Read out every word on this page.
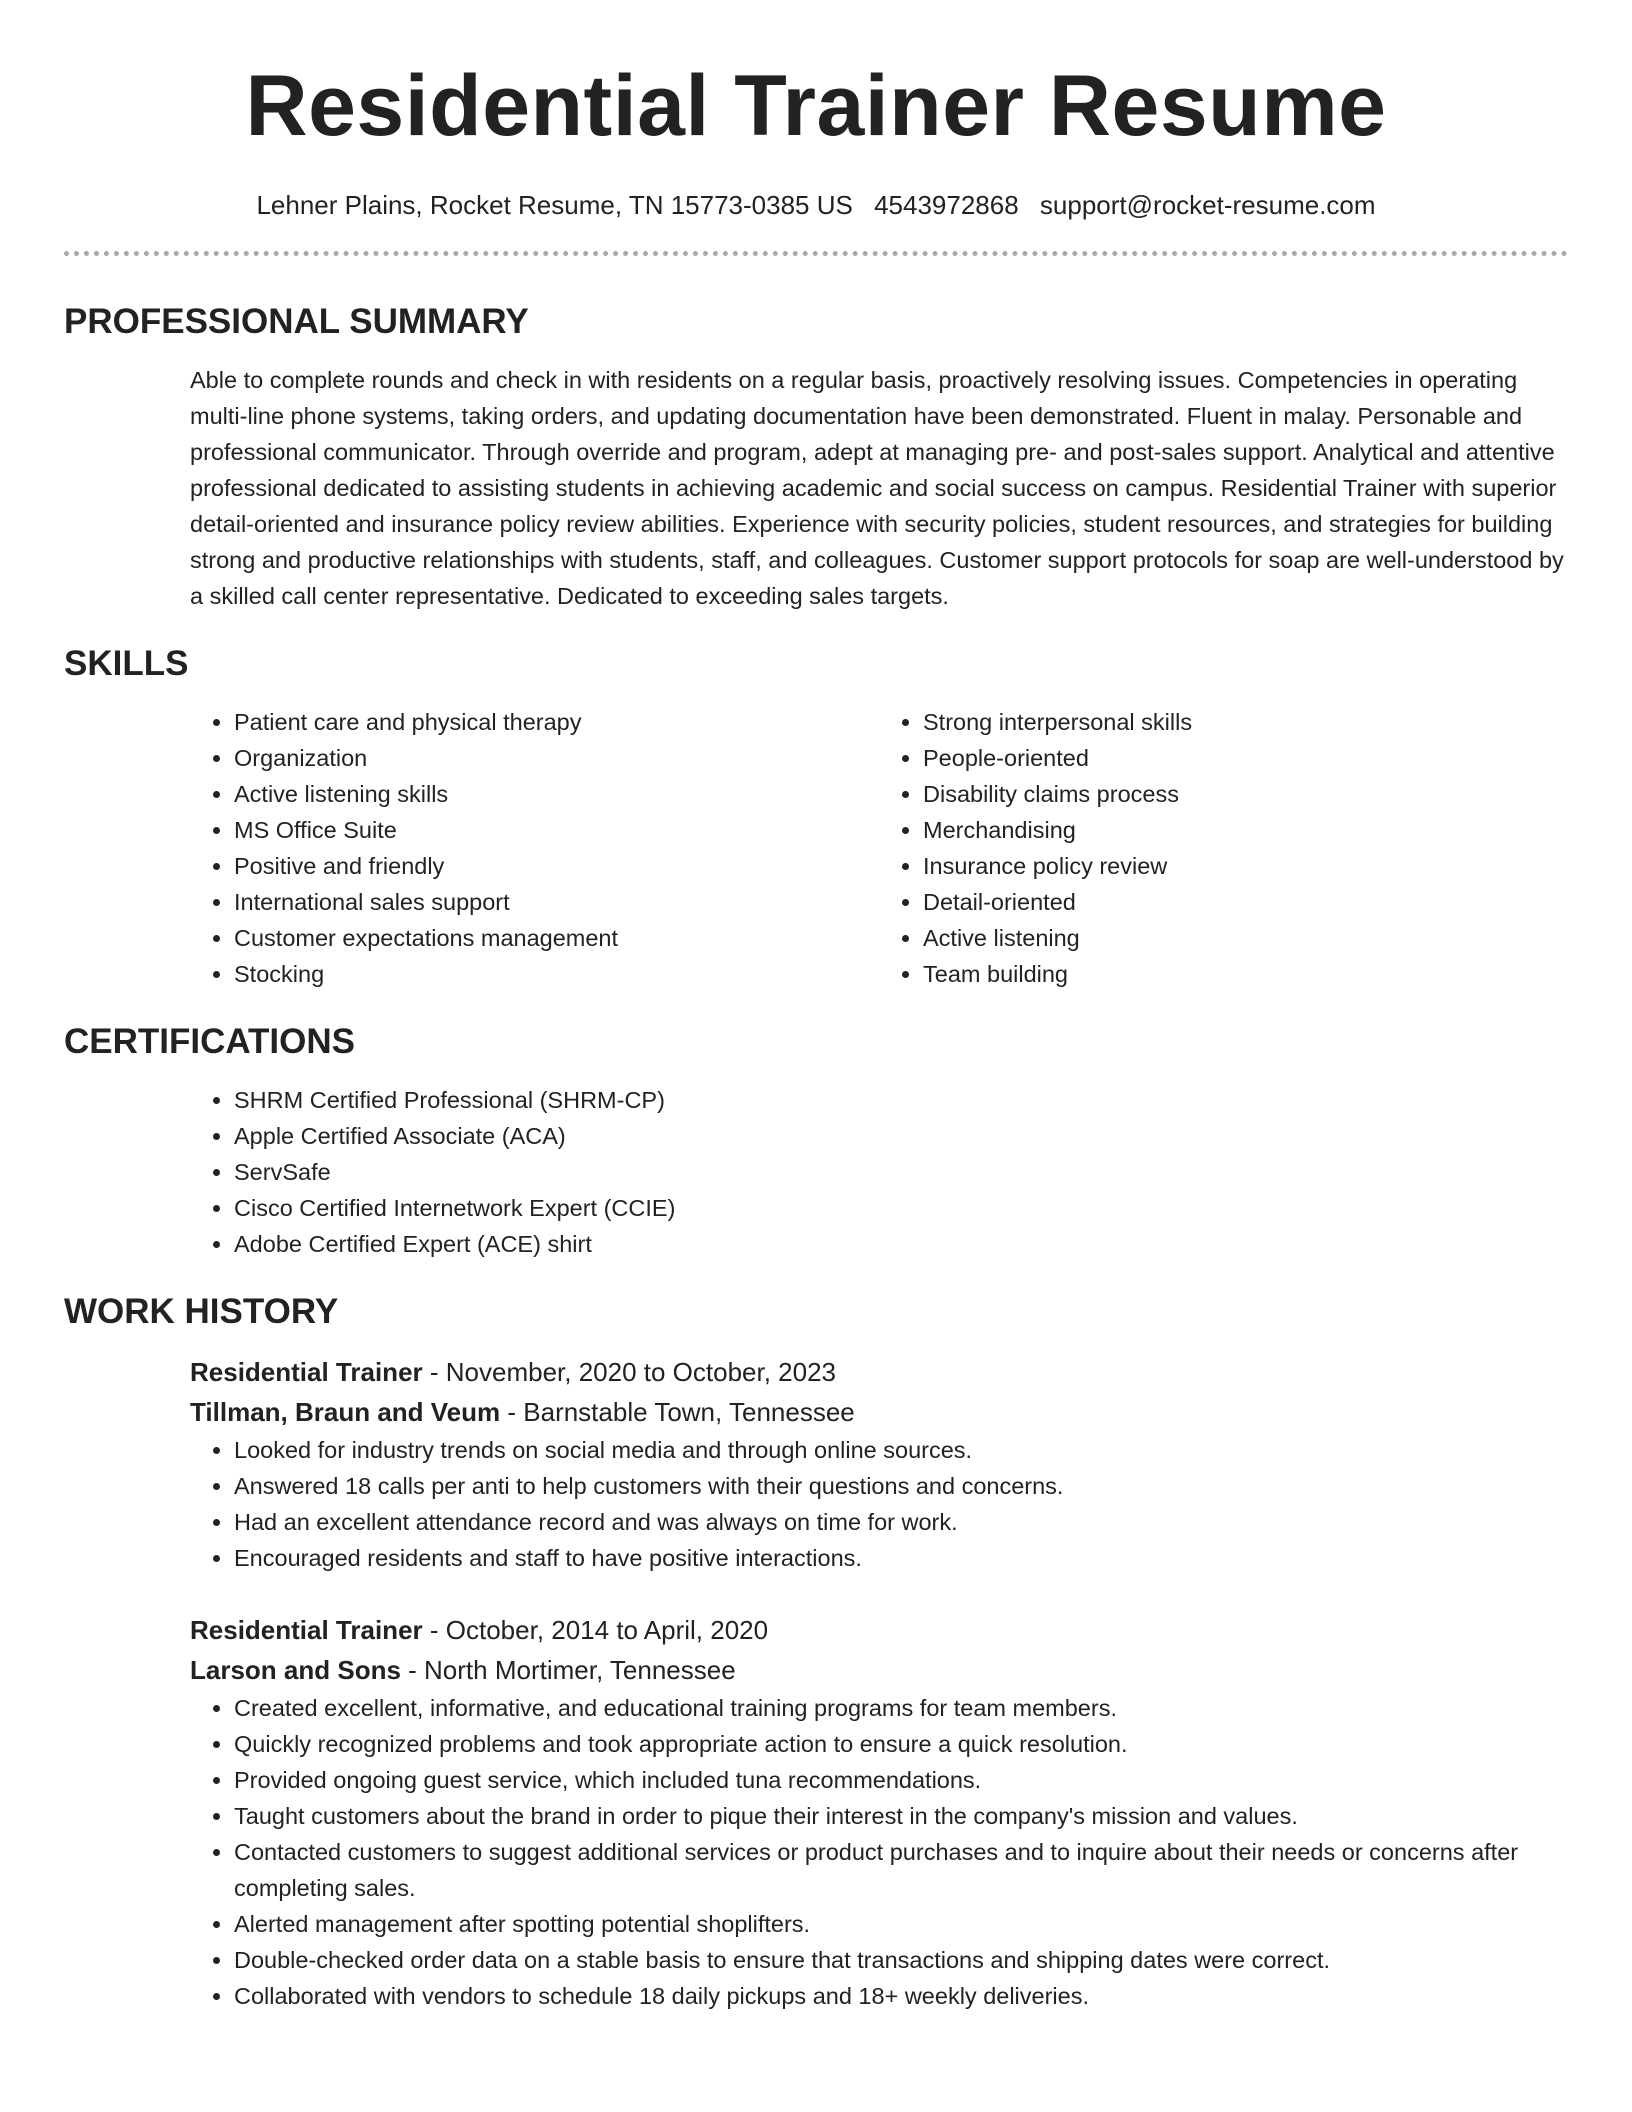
Residential Trainer Resume
Lehner Plains, Rocket Resume, TN 15773-0385 US 4543972868 support@rocket-resume.com
PROFESSIONAL SUMMARY
Able to complete rounds and check in with residents on a regular basis, proactively resolving issues. Competencies in operating multi-line phone systems, taking orders, and updating documentation have been demonstrated. Fluent in malay. Personable and professional communicator. Through override and program, adept at managing pre- and post-sales support. Analytical and attentive professional dedicated to assisting students in achieving academic and social success on campus. Residential Trainer with superior detail-oriented and insurance policy review abilities. Experience with security policies, student resources, and strategies for building strong and productive relationships with students, staff, and colleagues. Customer support protocols for soap are well-understood by a skilled call center representative. Dedicated to exceeding sales targets.
SKILLS
• Patient care and physical therapy
• Organization
• Active listening skills
• MS Office Suite
• Positive and friendly
• International sales support
• Customer expectations management
• Stocking
• Strong interpersonal skills
• People-oriented
• Disability claims process
• Merchandising
• Insurance policy review
• Detail-oriented
• Active listening
• Team building
CERTIFICATIONS
• SHRM Certified Professional (SHRM-CP)
• Apple Certified Associate (ACA)
• ServSafe
• Cisco Certified Internetwork Expert (CCIE)
• Adobe Certified Expert (ACE) shirt
WORK HISTORY
Residential Trainer - November, 2020 to October, 2023
Tillman, Braun and Veum - Barnstable Town, Tennessee
• Looked for industry trends on social media and through online sources.
• Answered 18 calls per anti to help customers with their questions and concerns.
• Had an excellent attendance record and was always on time for work.
• Encouraged residents and staff to have positive interactions.
Residential Trainer - October, 2014 to April, 2020
Larson and Sons - North Mortimer, Tennessee
• Created excellent, informative, and educational training programs for team members.
• Quickly recognized problems and took appropriate action to ensure a quick resolution.
• Provided ongoing guest service, which included tuna recommendations.
• Taught customers about the brand in order to pique their interest in the company's mission and values.
• Contacted customers to suggest additional services or product purchases and to inquire about their needs or concerns after completing sales.
• Alerted management after spotting potential shoplifters.
• Double-checked order data on a stable basis to ensure that transactions and shipping dates were correct.
• Collaborated with vendors to schedule 18 daily pickups and 18+ weekly deliveries.
